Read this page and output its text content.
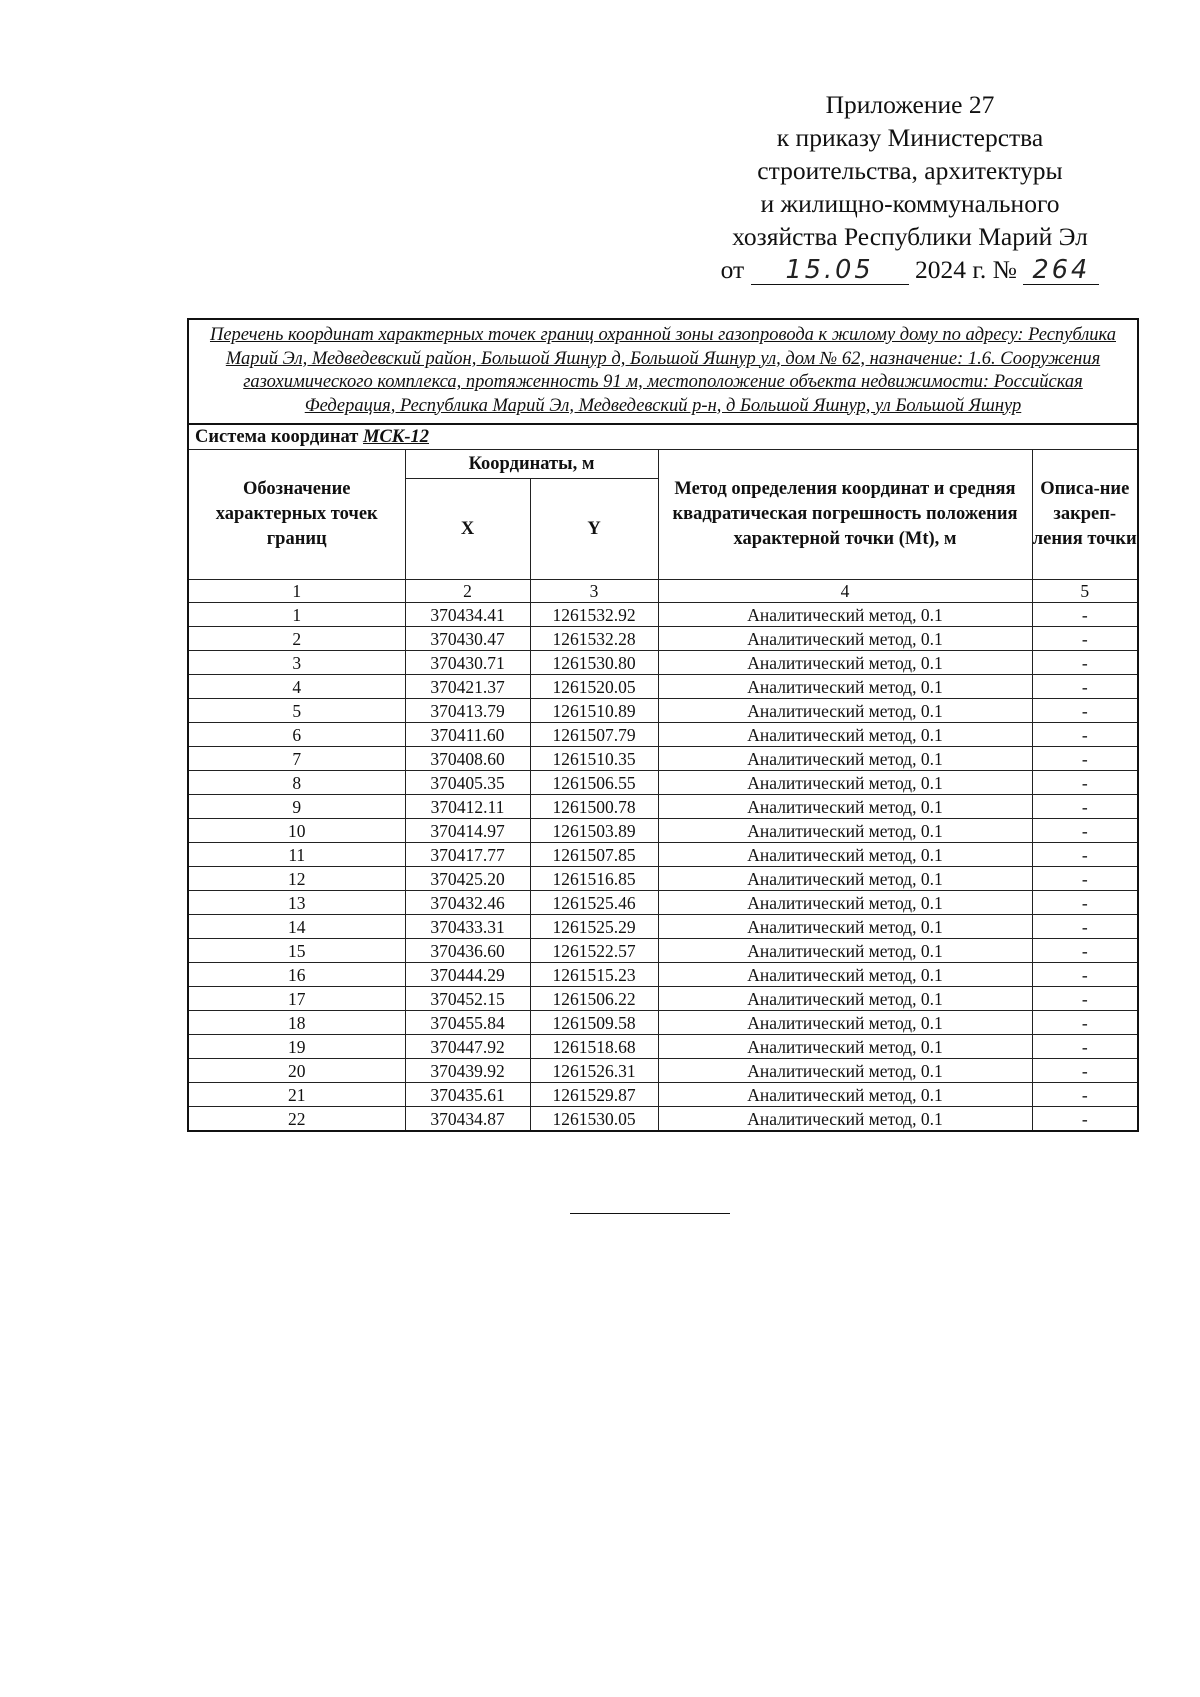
Приложение 27
к приказу Министерства
строительства, архитектуры
и жилищно-коммунального
хозяйства Республики Марий Эл
от 15.05 2024 г. № 264
Перечень координат характерных точек границ охранной зоны газопровода к жилому дому по адресу: Республика Марий Эл, Медведевский район, Большой Яшнур д, Большой Яшнур ул, дом № 62, назначение: 1.6. Сооружения газохимического комплекса, протяженность 91 м, местоположение объекта недвижимости: Российская Федерация, Республика Марий Эл, Медведевский р-н, д Большой Яшнур, ул Большой Яшнур				
Система координат МСК-12				
Обозначение характерных точек границ	Координаты, м		Метод определения координат и средняя квадратическая погрешность положения характерной точки (Mt), м	Описа-ние закреп-ления точки
	X	Y		
1	2	3	4	5
1	370434.41	1261532.92	Аналитический метод, 0.1	-
2	370430.47	1261532.28	Аналитический метод, 0.1	-
3	370430.71	1261530.80	Аналитический метод, 0.1	-
4	370421.37	1261520.05	Аналитический метод, 0.1	-
5	370413.79	1261510.89	Аналитический метод, 0.1	-
6	370411.60	1261507.79	Аналитический метод, 0.1	-
7	370408.60	1261510.35	Аналитический метод, 0.1	-
8	370405.35	1261506.55	Аналитический метод, 0.1	-
9	370412.11	1261500.78	Аналитический метод, 0.1	-
10	370414.97	1261503.89	Аналитический метод, 0.1	-
11	370417.77	1261507.85	Аналитический метод, 0.1	-
12	370425.20	1261516.85	Аналитический метод, 0.1	-
13	370432.46	1261525.46	Аналитический метод, 0.1	-
14	370433.31	1261525.29	Аналитический метод, 0.1	-
15	370436.60	1261522.57	Аналитический метод, 0.1	-
16	370444.29	1261515.23	Аналитический метод, 0.1	-
17	370452.15	1261506.22	Аналитический метод, 0.1	-
18	370455.84	1261509.58	Аналитический метод, 0.1	-
19	370447.92	1261518.68	Аналитический метод, 0.1	-
20	370439.92	1261526.31	Аналитический метод, 0.1	-
21	370435.61	1261529.87	Аналитический метод, 0.1	-
22	370434.87	1261530.05	Аналитический метод, 0.1	-
